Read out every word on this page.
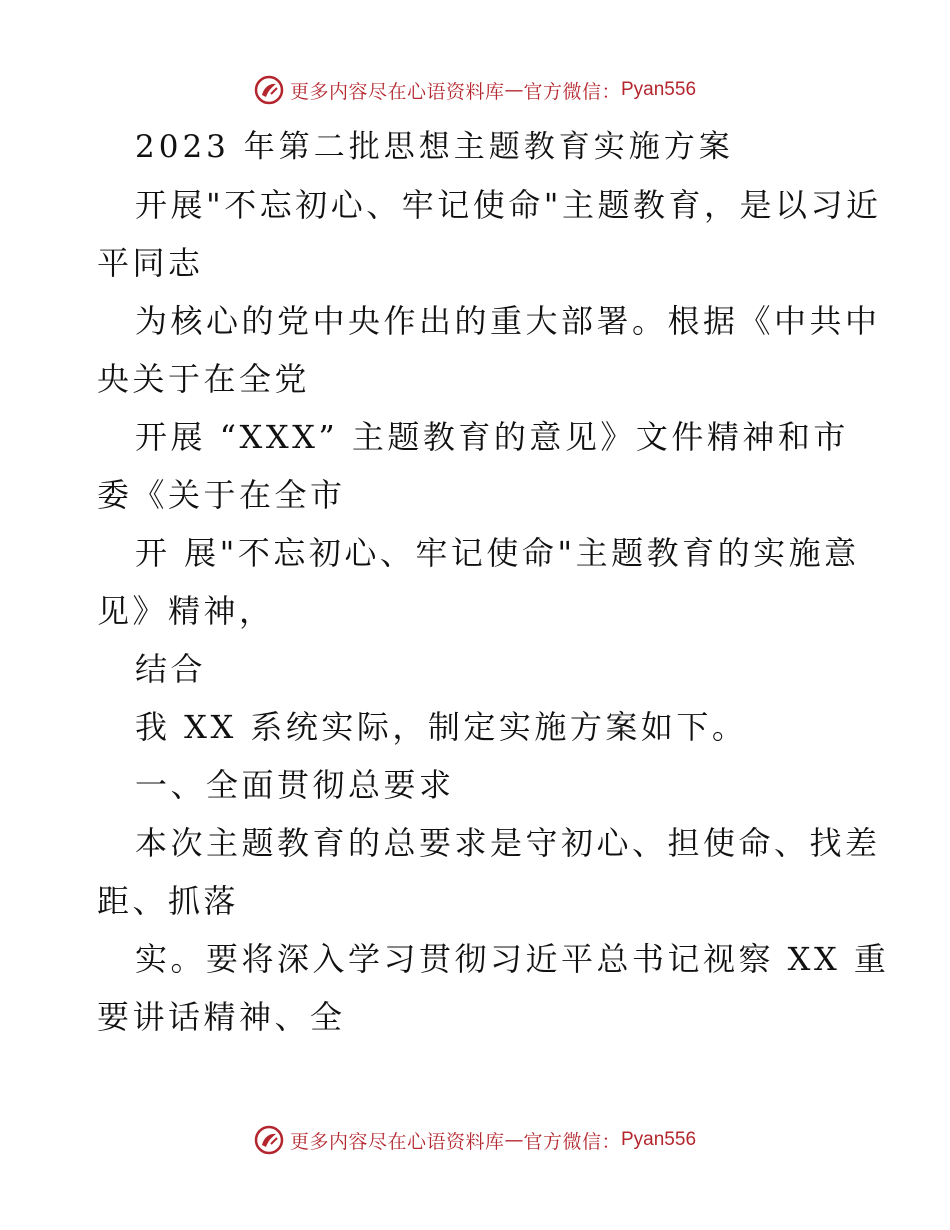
更多内容尽在心语资料库 — 官方微信： Pyan556
2023 年第二批思想主题教育实施方案
开展"不忘初心、牢记使命"主题教育，是以习近
平同志
为核心的党中央作出的重大部署。根据《中共中
央关于在全党
开展 “XXX” 主题教育的意见》文件精神和市
委《关于在全市
开 展"不忘初心、牢记使命"主题教育的实施意
见》精神，
结合
我 XX 系统实际，制定实施方案如下。
一、全面贯彻总要求
本次主题教育的总要求是守初心、担使命、找差
距、抓落
实。要将深入学习贯彻习近平总书记视察 XX 重
要讲话精神、全
更多内容尽在心语资料库 — 官方微信： Pyan556
